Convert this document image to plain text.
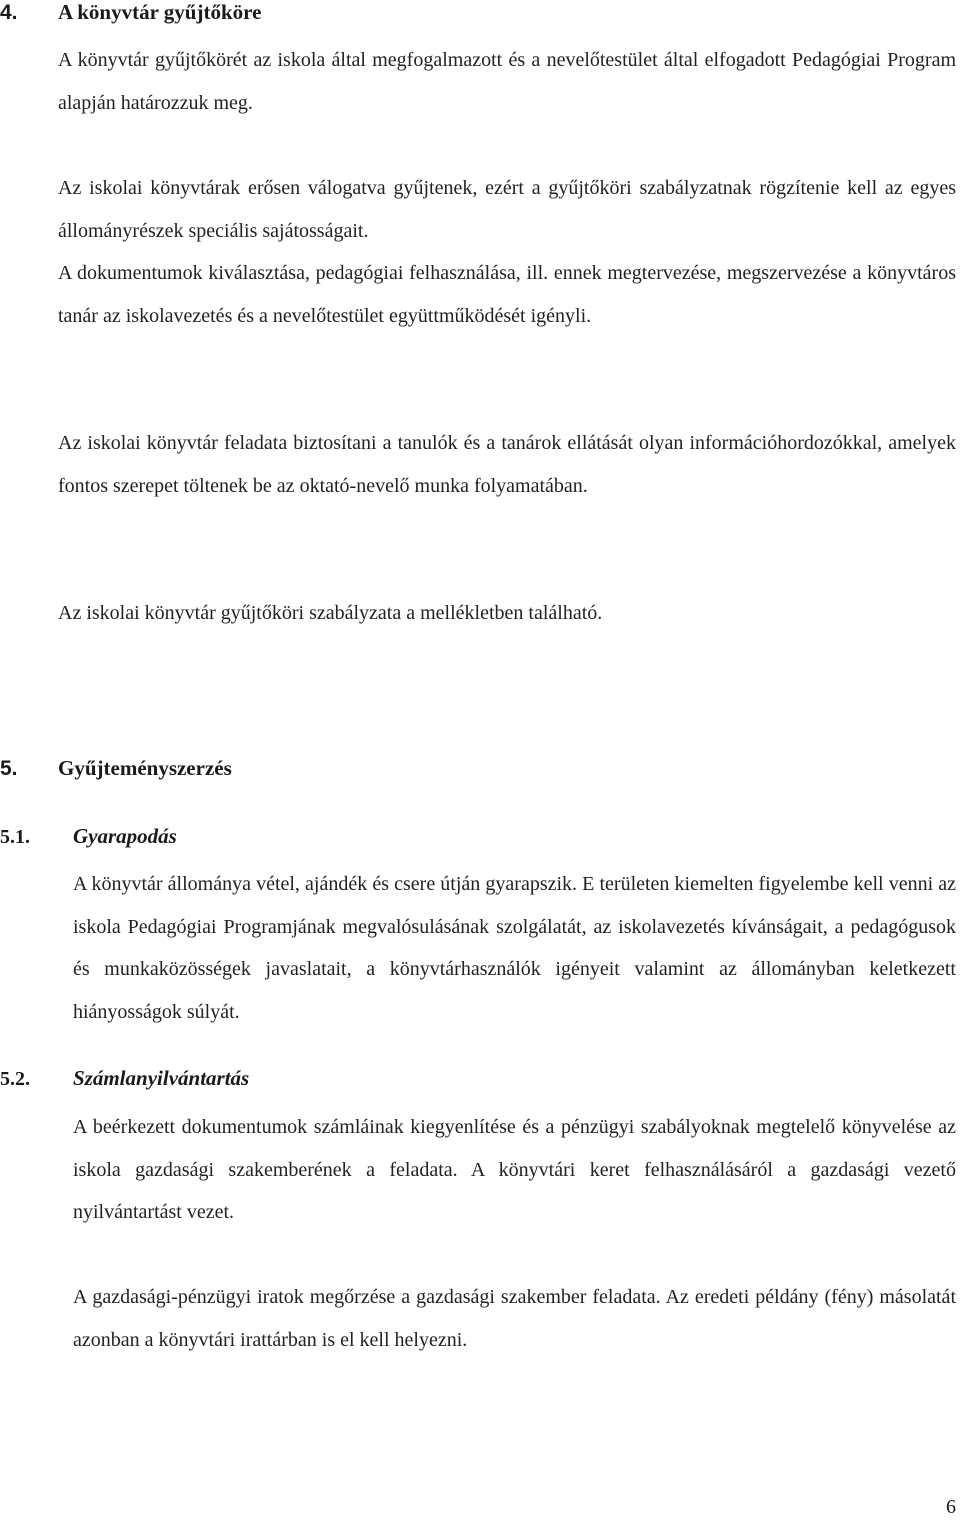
4.	A könyvtár gyűjtőköre

A könyvtár gyűjtőkörét az iskola által megfogalmazott és a nevelőtestület által elfogadott Pedagógiai Program alapján határozzuk meg.

Az iskolai könyvtárak erősen válogatva gyűjtenek, ezért a gyűjtőköri szabályzatnak rögzítenie kell az egyes állományrészek speciális sajátosságait.

A dokumentumok kiválasztása, pedagógiai felhasználása, ill. ennek megtervezése, megszervezése a könyvtáros tanár az iskolavezetés és a nevelőtestület együttműködését igényli.

Az iskolai könyvtár feladata biztosítani a tanulók és a tanárok ellátását olyan információhordozókkal, amelyek fontos szerepet töltenek be az oktató-nevelő munka folyamatában.

Az iskolai könyvtár gyűjtőköri szabályzata a mellékletben található.

5.	Gyűjteményszerzés
5.1.	Gyarapodás

A könyvtár állománya vétel, ajándék és csere útján gyarapszik. E területen kiemelten figyelembe kell venni az iskola Pedagógiai Programjának megvalósulásának szolgálatát, az iskolavezetés kívánságait, a pedagógusok és munkaközösségek javaslatait, a könyvtárhasználók igényeit valamint az állományban keletkezett hiányosságok súlyát.

5.2.	Számlanyilvántartás

A beérkezett dokumentumok számláinak kiegyenlítése és a pénzügyi szabályoknak megtelelő könyvelése az iskola gazdasági szakemberének a feladata. A könyvtári keret felhasználásáról a gazdasági vezető nyilvántartást vezet.

A gazdasági-pénzügyi iratok megőrzése a gazdasági szakember feladata. Az eredeti példány (fény) másolatát azonban a könyvtári irattárban is el kell helyezni.

6
